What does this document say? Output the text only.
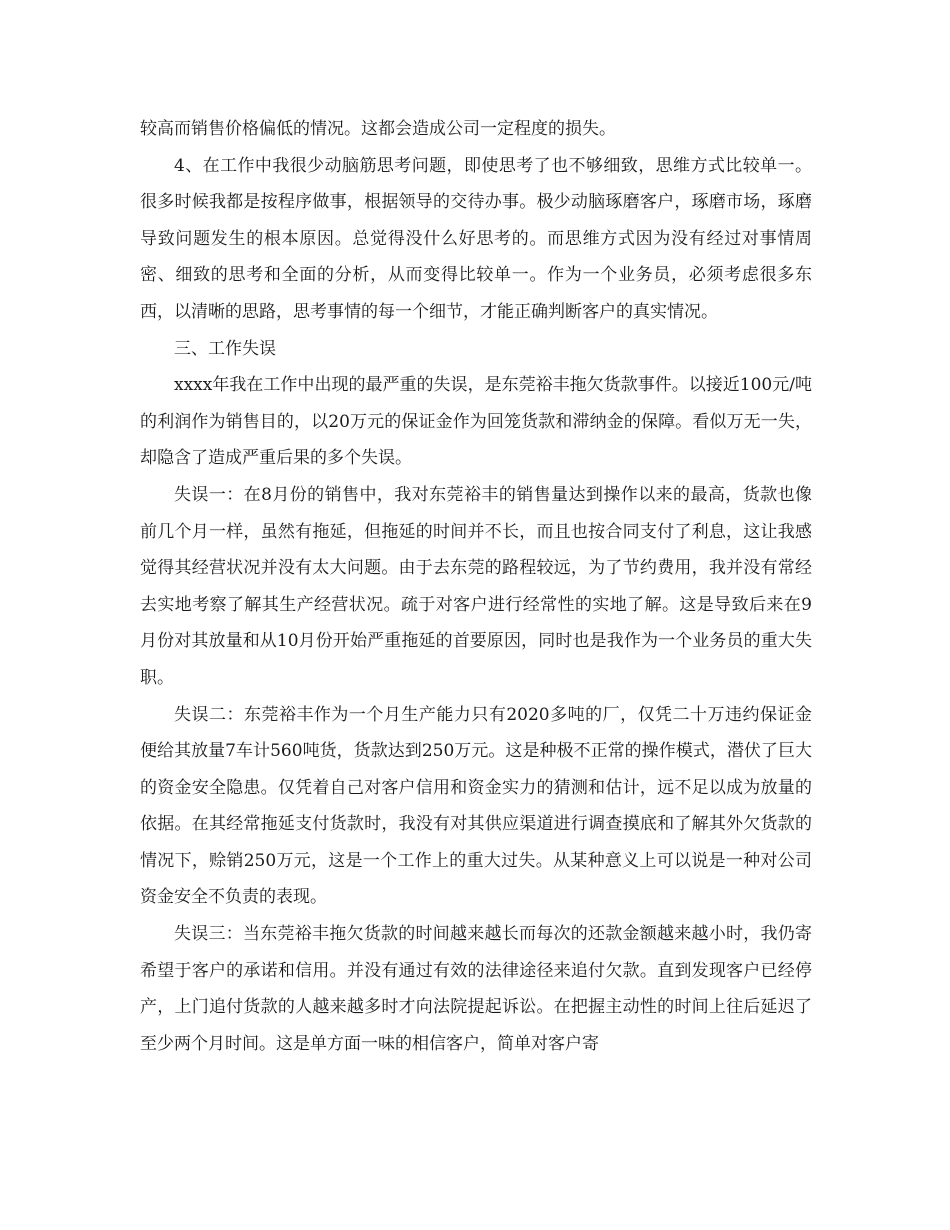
较高而销售价格偏低的情况。这都会造成公司一定程度的损失。

4、在工作中我很少动脑筋思考问题，即使思考了也不够细致，思维方式比较单一。很多时候我都是按程序做事，根据领导的交待办事。极少动脑琢磨客户，琢磨市场，琢磨导致问题发生的根本原因。总觉得没什么好思考的。而思维方式因为没有经过对事情周密、细致的思考和全面的分析，从而变得比较单一。作为一个业务员，必须考虑很多东西，以清晰的思路，思考事情的每一个细节，才能正确判断客户的真实情况。

三、工作失误

xxxx年我在工作中出现的最严重的失误，是东莞裕丰拖欠货款事件。以接近100元/吨的利润作为销售目的，以20万元的保证金作为回笼货款和滞纳金的保障。看似万无一失，却隐含了造成严重后果的多个失误。

失误一：在8月份的销售中，我对东莞裕丰的销售量达到操作以来的最高，货款也像前几个月一样，虽然有拖延，但拖延的时间并不长，而且也按合同支付了利息，这让我感觉得其经营状况并没有太大问题。由于去东莞的路程较远，为了节约费用，我并没有常经去实地考察了解其生产经营状况。疏于对客户进行经常性的实地了解。这是导致后来在9月份对其放量和从10月份开始严重拖延的首要原因，同时也是我作为一个业务员的重大失职。

失误二：东莞裕丰作为一个月生产能力只有2020多吨的厂，仅凭二十万违约保证金便给其放量7车计560吨货，货款达到250万元。这是种极不正常的操作模式，潜伏了巨大的资金安全隐患。仅凭着自己对客户信用和资金实力的猜测和估计，远不足以成为放量的依据。在其经常拖延支付货款时，我没有对其供应渠道进行调查摸底和了解其外欠货款的情况下，赊销250万元，这是一个工作上的重大过失。从某种意义上可以说是一种对公司资金安全不负责的表现。

失误三：当东莞裕丰拖欠货款的时间越来越长而每次的还款金额越来越小时，我仍寄希望于客户的承诺和信用。并没有通过有效的法律途径来追付欠款。直到发现客户已经停产，上门追付货款的人越来越多时才向法院提起诉讼。在把握主动性的时间上往后延迟了至少两个月时间。这是单方面一味的相信客户，简单对客户寄
